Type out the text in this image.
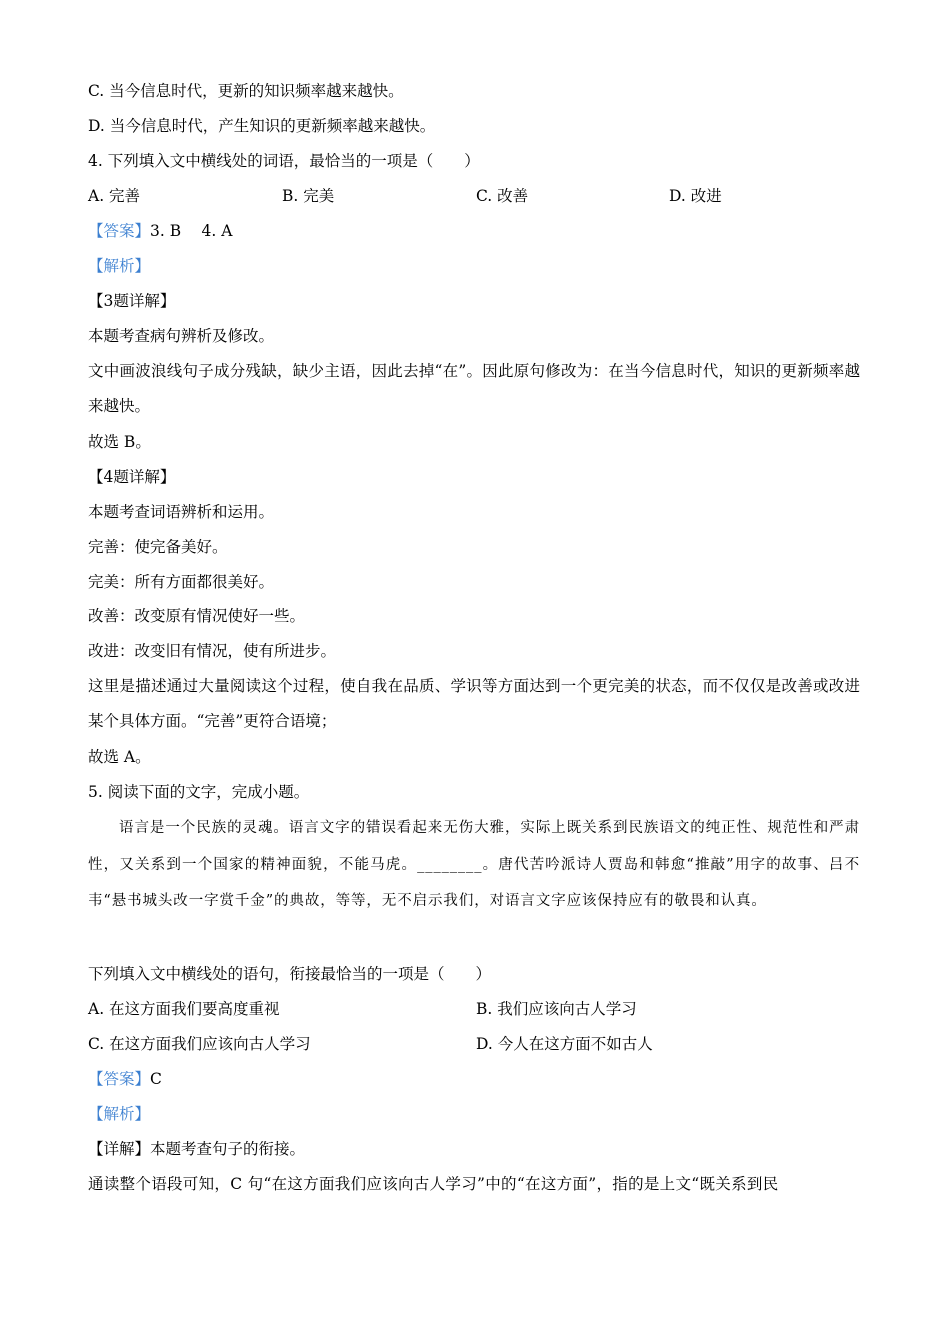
C. 当今信息时代，更新的知识频率越来越快。
D. 当今信息时代，产生知识的更新频率越来越快。
4. 下列填入文中横线处的词语，最恰当的一项是（　　）
A. 完善	B. 完美	C. 改善	D. 改进
【答案】3. B　 4. A
【解析】
【3题详解】
本题考查病句辨析及修改。
文中画波浪线句子成分残缺，缺少主语，因此去掉“在”。因此原句修改为：在当今信息时代，知识的更新频率越来越快。
故选 B。
【4题详解】
本题考查词语辨析和运用。
完善：使完备美好。
完美：所有方面都很美好。
改善：改变原有情况使好一些。
改进：改变旧有情况，使有所进步。
这里是描述通过大量阅读这个过程，使自我在品质、学识等方面达到一个更完美的状态，而不仅仅是改善或改进某个具体方面。“完善”更符合语境；
故选 A。
5. 阅读下面的文字，完成小题。
语言是一个民族的灵魂。语言文字的错误看起来无伤大雅，实际上既关系到民族语文的纯正性、规范性和严肃性，又关系到一个国家的精神面貌，不能马虎。________。唐代苦吟派诗人贾岛和韩愈“推敲”用字的故事、吕不韦“悬书城头改一字赏千金”的典故，等等，无不启示我们，对语言文字应该保持应有的敬畏和认真。
下列填入文中横线处的语句，衔接最恰当的一项是（　　）
A. 在这方面我们要高度重视	B. 我们应该向古人学习
C. 在这方面我们应该向古人学习	D. 今人在这方面不如古人
【答案】C
【解析】
【详解】本题考查句子的衔接。
通读整个语段可知，C 句“在这方面我们应该向古人学习”中的“在这方面”，指的是上文“既关系到民
